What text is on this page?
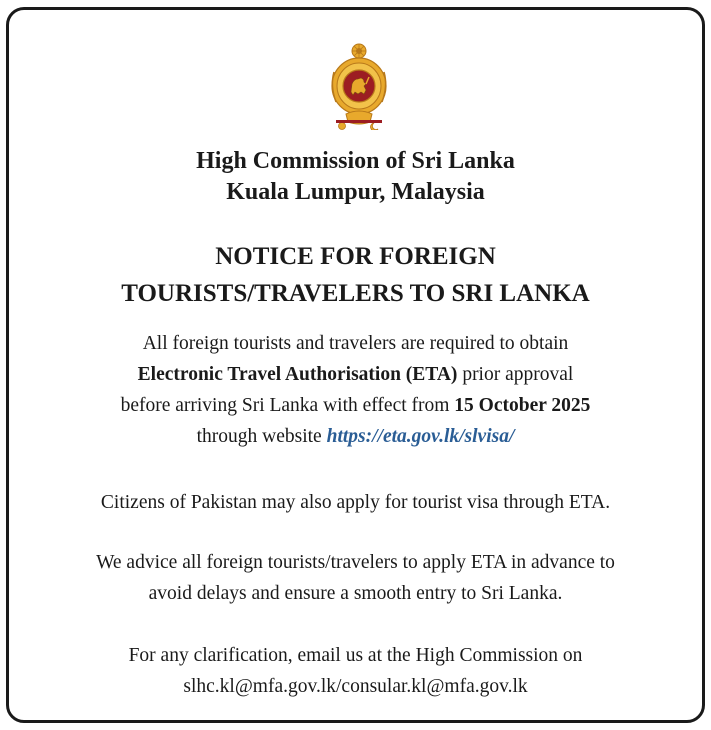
High Commission of Sri Lanka
Kuala Lumpur, Malaysia
NOTICE FOR FOREIGN
TOURISTS/TRAVELERS TO SRI LANKA
All foreign tourists and travelers are required to obtain
Electronic Travel Authorisation (ETA) prior approval
before arriving Sri Lanka with effect from 15 October 2025
through website https://eta.gov.lk/slvisa/
Citizens of Pakistan may also apply for tourist visa through ETA.
We advice all foreign tourists/travelers to apply ETA in advance to
avoid delays and ensure a smooth entry to Sri Lanka.
For any clarification, email us at the High Commission on
slhc.kl@mfa.gov.lk/consular.kl@mfa.gov.lk
